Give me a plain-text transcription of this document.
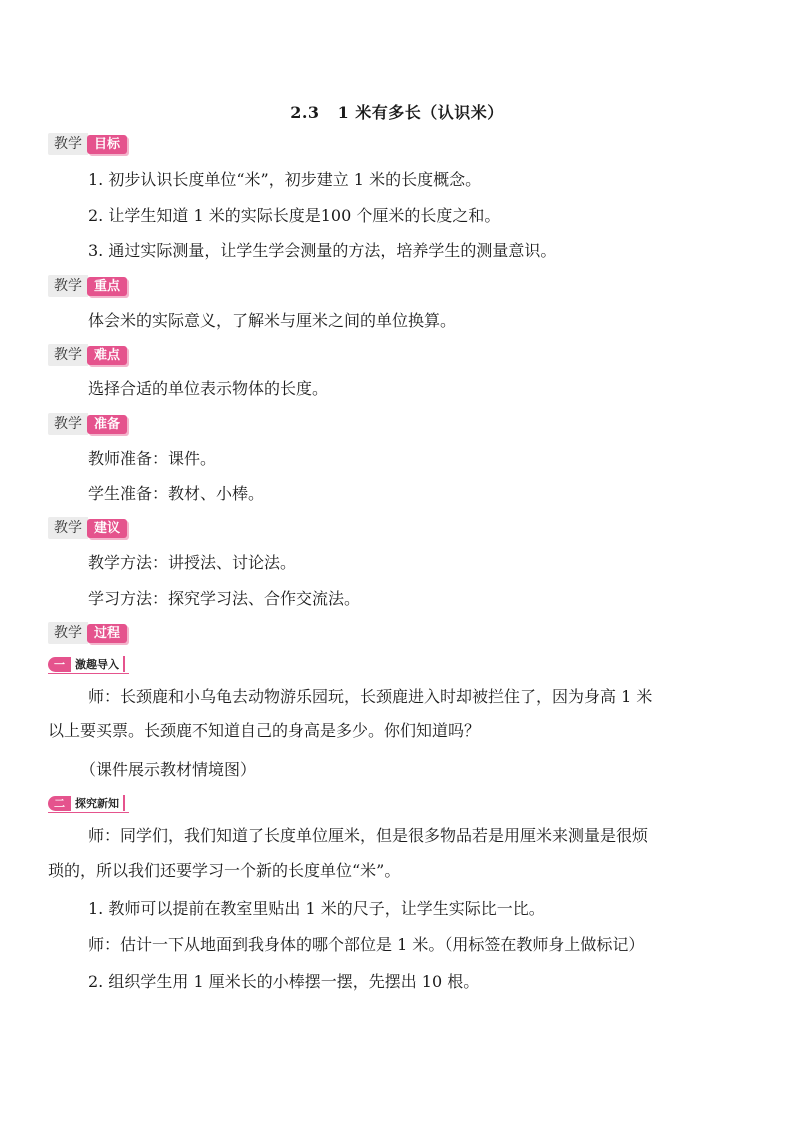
2.3 1 米有多长（认识米）
教学 目标
1. 初步认识长度单位“米”，初步建立 1 米的长度概念。
2. 让学生知道 1 米的实际长度是100 个厘米的长度之和。
3. 通过实际测量，让学生学会测量的方法，培养学生的测量意识。
教学 重点
体会米的实际意义，了解米与厘米之间的单位换算。
教学 难点
选择合适的单位表示物体的长度。
教学 准备
教师准备：课件。
学生准备：教材、小棒。
教学 建议
教学方法：讲授法、讨论法。
学习方法：探究学习法、合作交流法。
教学 过程
一 激趣导入
师：长颈鹿和小乌龟去动物游乐园玩，长颈鹿进入时却被拦住了，因为身高 1 米
以上要买票。长颈鹿不知道自己的身高是多少。你们知道吗？
（课件展示教材情境图）
二 探究新知
师：同学们，我们知道了长度单位厘米，但是很多物品若是用厘米来测量是很烦
琐的，所以我们还要学习一个新的长度单位“米”。
1. 教师可以提前在教室里贴出 1 米的尺子，让学生实际比一比。
师：估计一下从地面到我身体的哪个部位是 1 米。（用标签在教师身上做标记）
2. 组织学生用 1 厘米长的小棒摆一摆，先摆出 10 根。
